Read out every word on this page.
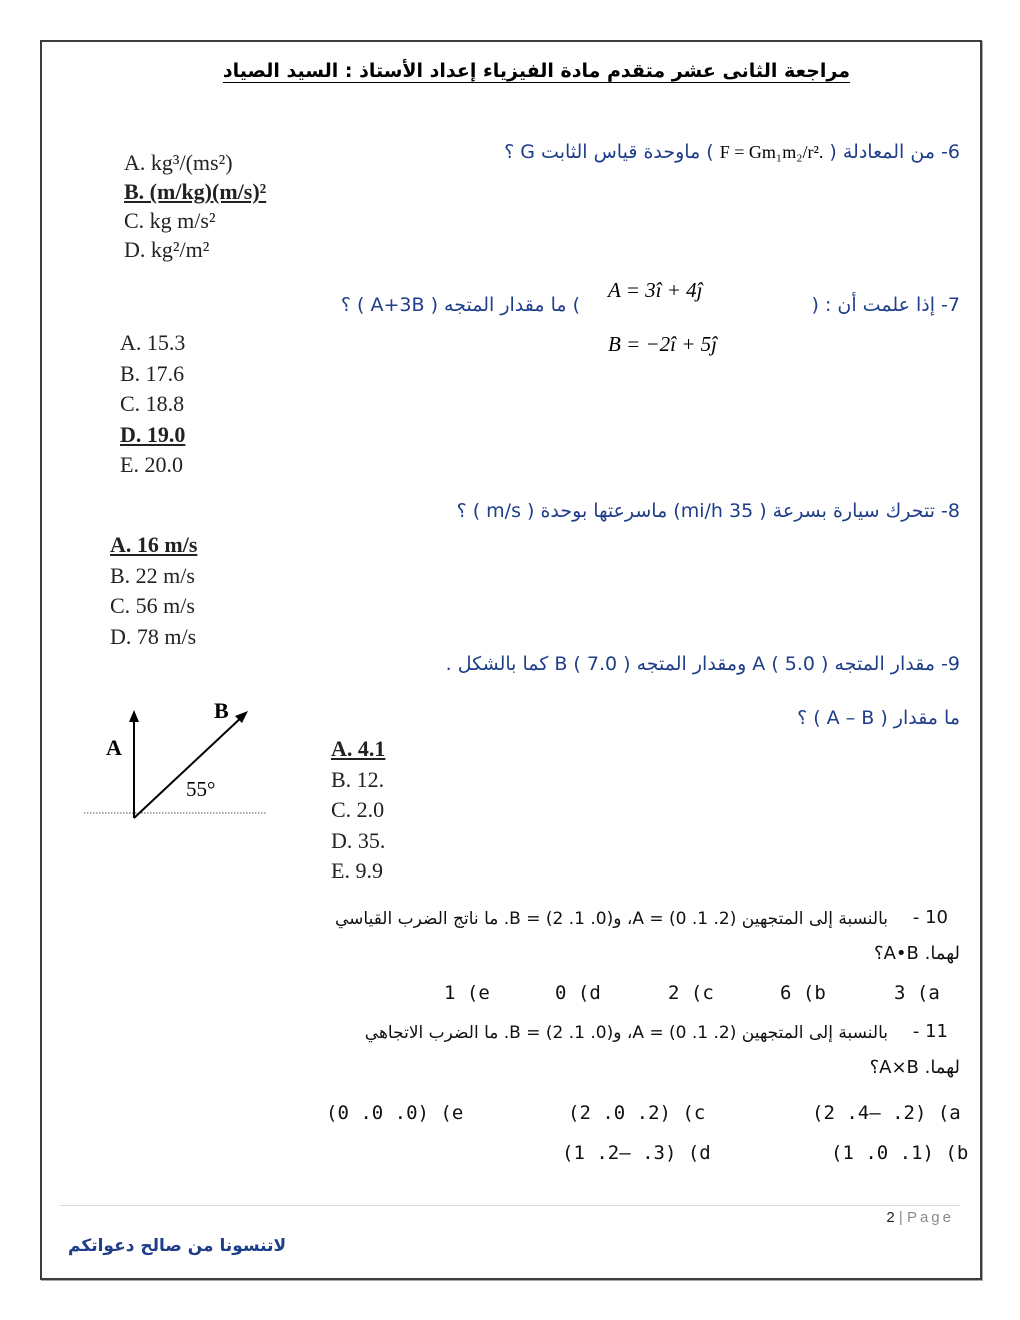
مراجعة الثانى عشر متقدم مادة الفيزياء إعداد الأستاذ : السيد الصياد
6- من المعادلة ( F = Gm₁m₂/r². ) ماوحدة قياس الثابت G ؟
A. kg³/(ms²)
B. (m/kg)(m/s)²
C. kg m/s²
D. kg²/m²
7- إذا علمت أن : (
) ما مقدار المتجه ( A+3B ) ؟
A = 3î + 4ĵ
B = −2î + 5ĵ
A. 15.3
B. 17.6
C. 18.8
D. 19.0
E. 20.0
8- تتحرك سيارة بسرعة ( 35 mi/h) ماسرعتها بوحدة ( m/s ) ؟
A. 16 m/s
B. 22 m/s
C. 56 m/s
D. 78 m/s
9- مقدار المتجه A ( 5.0 ) ومقدار المتجه B ( 7.0 ) كما بالشكل .
ما مقدار ( A – B ) ؟
A
B
55°
A. 4.1
B. 12.
C. 2.0
D. 35.
E. 9.9
10 -
بالنسبة إلى المتجهين A = (0 .1 .2)، وB = (2 .1 .0). ما ناتج الضرب القياسي
لهما. A•B؟
3 (a
6 (b
2 (c
0 (d
1 (e
11 -
بالنسبة إلى المتجهين A = (0 .1 .2)، وB = (2 .1 .0). ما الضرب الاتجاهي
لهما. A×B؟
(2 .4– .2) (a
(1 .0 .1) (b
(2 .0 .2) (c
(1 .2– .3) (d
(0 .0 .0) (e
2 | Page
لاتنسونا من صالح دعواتكم
